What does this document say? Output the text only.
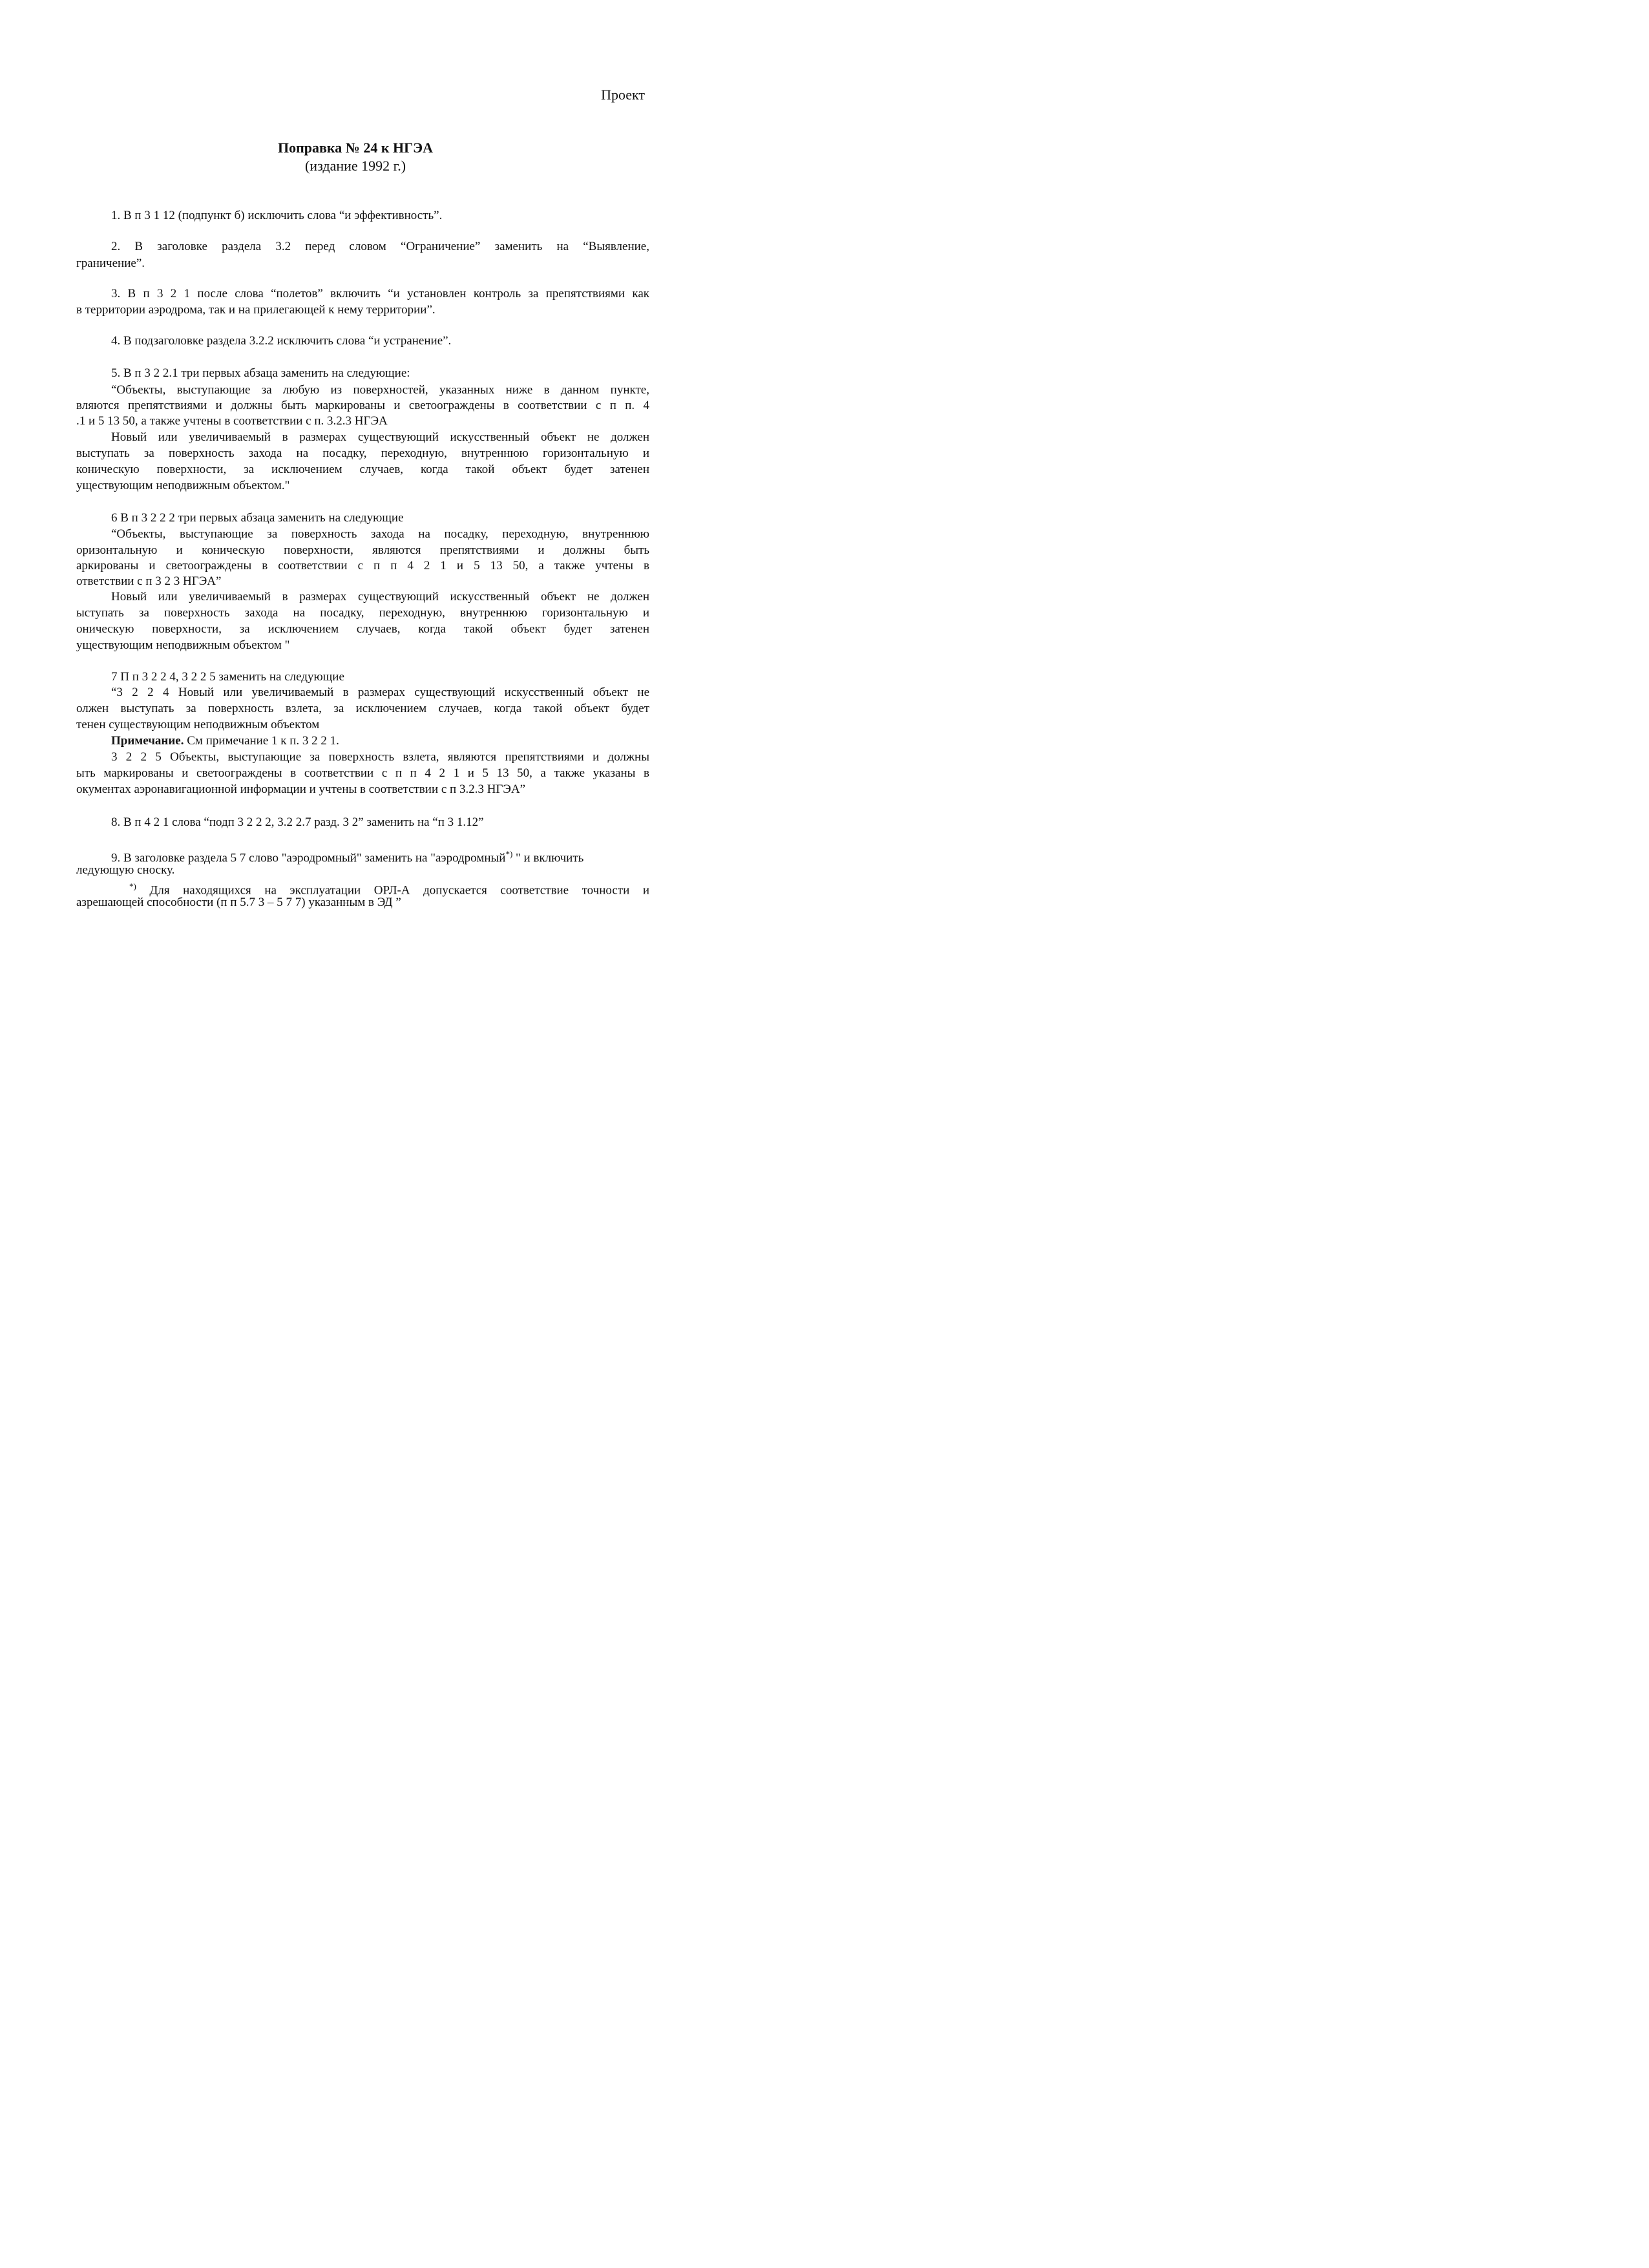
Проект
Поправка № 24 к НГЭА
(издание 1992 г.)
1. В п 3 1 12 (подпункт б) исключить слова “и эффективность”.
2. В заголовке раздела 3.2 перед словом “Ограничение” заменить на “Выявление,
граничение”.
3. В п 3 2 1 после слова “полетов” включить “и установлен контроль за препятствиями как
в территории аэродрома, так и на прилегающей к нему территории”.
4. В подзаголовке раздела 3.2.2 исключить слова “и устранение”.
5. В п 3 2 2.1 три первых абзаца заменить на следующие:
“Объекты, выступающие за любую из поверхностей, указанных ниже в данном пункте,
вляются препятствиями и должны быть маркированы и светоограждены в соответствии с п п. 4
.1 и 5 13 50, а также учтены в соответствии с п. 3.2.3 НГЭА
Новый или увеличиваемый в размерах существующий искусственный объект не должен
выступать за поверхность захода на посадку, переходную, внутреннюю горизонтальную и
коническую поверхности, за исключением случаев, когда такой объект будет затенен
уществующим неподвижным объектом."
6 В п 3 2 2 2 три первых абзаца заменить на следующие
“Объекты, выступающие за поверхность захода на посадку, переходную, внутреннюю
оризонтальную и коническую поверхности, являются препятствиями и должны быть
аркированы и светоограждены в соответствии с п п 4 2 1 и 5 13 50, а также учтены в
ответствии с п 3 2 3 НГЭА”
Новый или увеличиваемый в размерах существующий искусственный объект не должен
ыступать за поверхность захода на посадку, переходную, внутреннюю горизонтальную и
оническую поверхности, за исключением случаев, когда такой объект будет затенен
уществующим неподвижным объектом "
7 П п 3 2 2 4, 3 2 2 5 заменить на следующие
“3 2 2 4 Новый или увеличиваемый в размерах существующий искусственный объект не
олжен выступать за поверхность взлета, за исключением случаев, когда такой объект будет
тенен существующим неподвижным объектом
Примечание. См примечание 1 к п. 3 2 2 1.
3 2 2 5 Объекты, выступающие за поверхность взлета, являются препятствиями и должны
ыть маркированы и светоограждены в соответствии с п п 4 2 1 и 5 13 50, а также указаны в
окументах аэронавигационной информации и учтены в соответствии с п 3.2.3 НГЭА”
8. В п 4 2 1 слова “подп 3 2 2 2, 3.2 2.7 разд. 3 2” заменить на “п 3 1.12”
9. В заголовке раздела 5 7 слово "аэродромный" заменить на "аэродромный*) " и включить
ледующую сноску.
*) Для находящихся на эксплуатации ОРЛ-А допускается соответствие точности и
азрешающей способности (п п 5.7 3 – 5 7 7) указанным в ЭД ”
